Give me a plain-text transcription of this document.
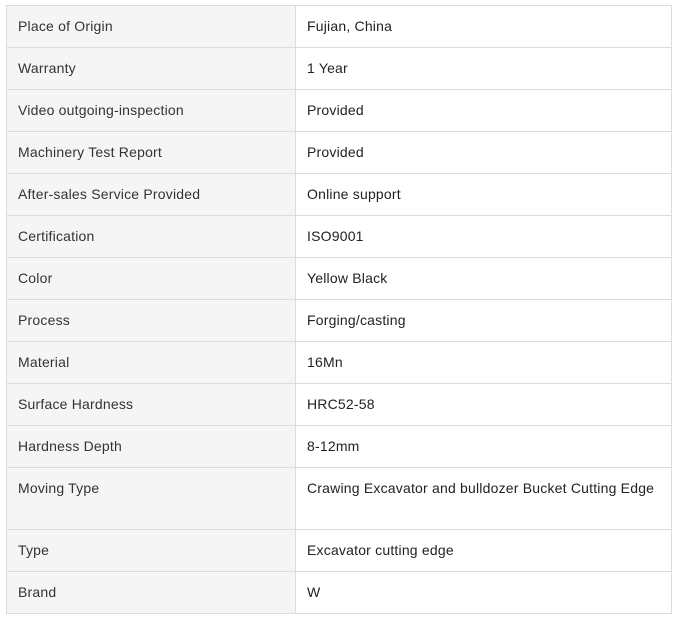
Place of Origin	Fujian, China
Warranty	1 Year
Video outgoing-inspection	Provided
Machinery Test Report	Provided
After-sales Service Provided	Online support
Certification	ISO9001
Color	Yellow Black
Process	Forging/casting
Material	16Mn
Surface Hardness	HRC52-58
Hardness Depth	8-12mm
Moving Type	Crawing Excavator and bulldozer Bucket Cutting Edge
Type	Excavator cutting edge
Brand	W
